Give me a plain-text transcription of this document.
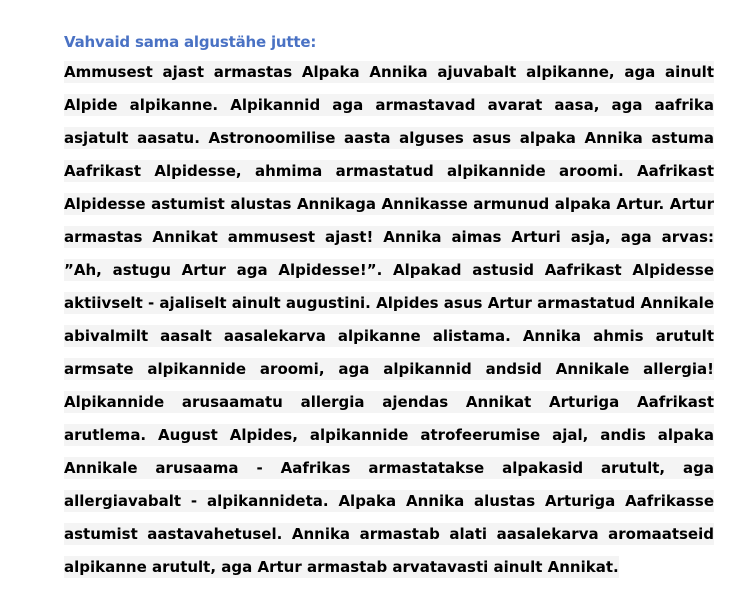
Vahvaid sama algustähe jutte:

Ammusest ajast armastas Alpaka Annika ajuvabalt alpikanne, aga ainult Alpide alpikanne. Alpikannid aga armastavad avarat aasa, aga aafrika asjatult aasatu. Astronoomilise aasta alguses asus alpaka Annika astuma Aafrikast Alpidesse, ahmima armastatud alpikannide aroomi. Aafrikast Alpidesse astumist alustas Annikaga Annikasse armunud alpaka Artur. Artur armastas Annikat ammusest ajast! Annika aimas Arturi asja, aga arvas: ”Ah, astugu Artur aga Alpidesse!”. Alpakad astusid Aafrikast Alpidesse aktiivselt - ajaliselt ainult augustini. Alpides asus Artur armastatud Annikale abivalmilt aasalt aasalekarva alpikanne alistama. Annika ahmis arutult armsate alpikannide aroomi, aga alpikannid andsid Annikale allergia! Alpikannide arusaamatu allergia ajendas Annikat Arturiga Aafrikast arutlema. August Alpides, alpikannide atrofeerumise ajal, andis alpaka Annikale arusaama - Aafrikas armastatakse alpakasid arutult, aga allergiavabalt - alpikannideta. Alpaka Annika alustas Arturiga Aafrikasse astumist aastavahetusel. Annika armastab alati aasalekarva aromaatseid alpikanne arutult, aga Artur armastab arvatavasti ainult Annikat.
